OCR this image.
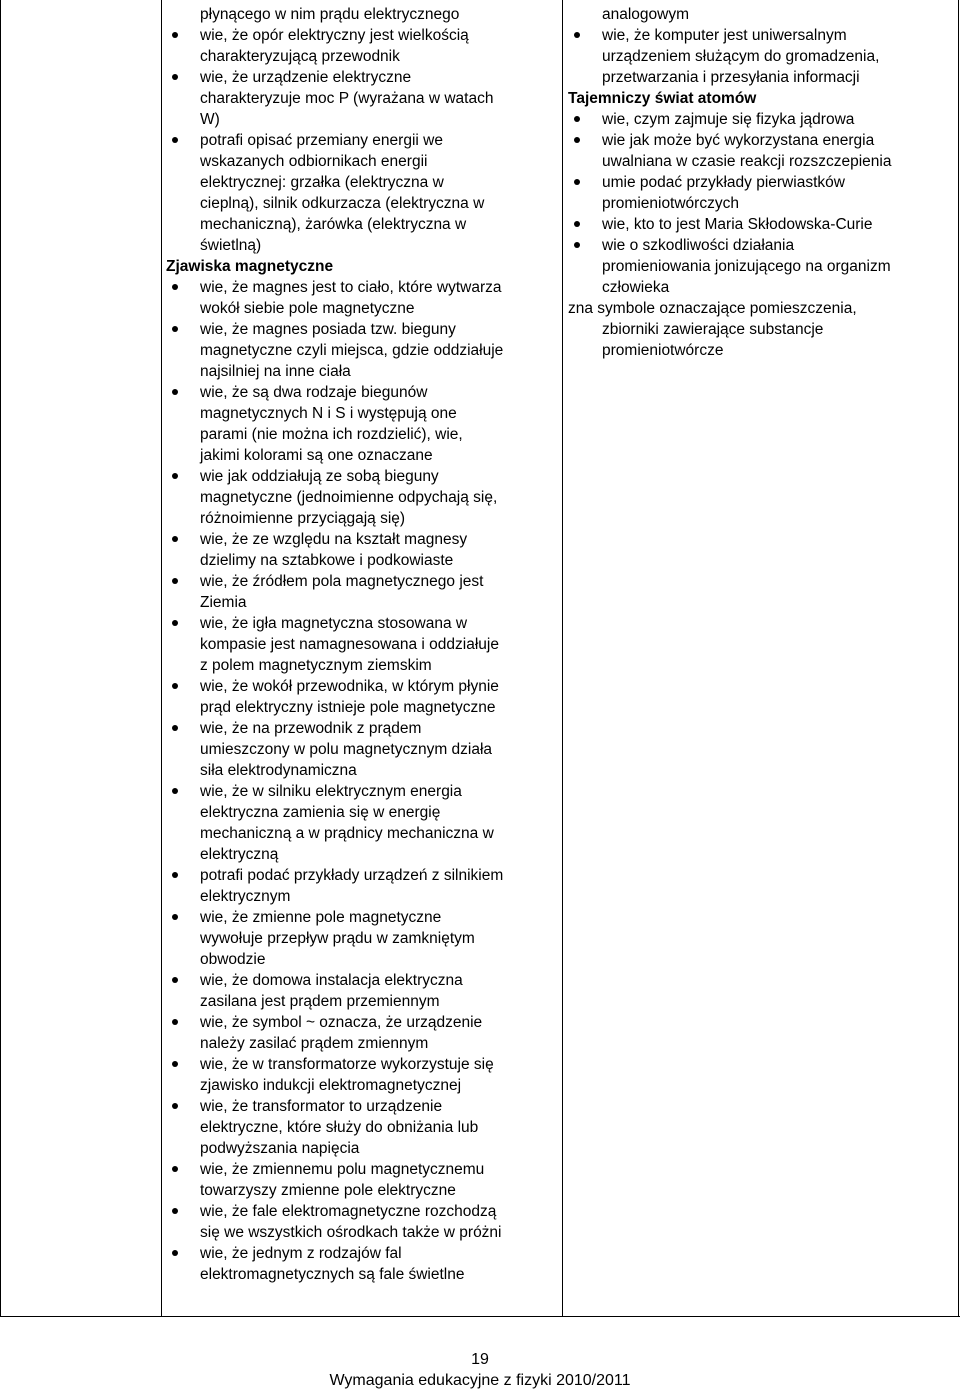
płynącego w nim prądu elektrycznego
wie, że opór elektryczny jest wielkością
charakteryzującą przewodnik
wie, że urządzenie elektryczne
charakteryzuje moc P (wyrażana w watach
W)
potrafi opisać przemiany energii we
wskazanych odbiornikach energii
elektrycznej: grzałka (elektryczna w
cieplną), silnik odkurzacza (elektryczna w
mechaniczną), żarówka (elektryczna w
świetlną)
Zjawiska magnetyczne
wie, że magnes jest to ciało, które wytwarza
wokół siebie pole magnetyczne
wie, że magnes posiada tzw. bieguny
magnetyczne czyli miejsca, gdzie oddziałuje
najsilniej na inne ciała
wie, że są dwa rodzaje biegunów
magnetycznych N i S i występują one
parami (nie można ich rozdzielić), wie,
jakimi kolorami są one oznaczane
wie jak oddziałują ze sobą bieguny
magnetyczne (jednoimienne odpychają się,
różnoimienne przyciągają się)
wie, że ze względu na kształt magnesy
dzielimy na sztabkowe i podkowiaste
wie, że źródłem pola magnetycznego jest
Ziemia
wie, że igła magnetyczna stosowana w
kompasie jest namagnesowana i oddziałuje
z polem magnetycznym ziemskim
wie, że wokół przewodnika, w którym płynie
prąd elektryczny istnieje pole magnetyczne
wie, że na przewodnik z prądem
umieszczony w polu magnetycznym działa
siła elektrodynamiczna
wie, że w silniku elektrycznym energia
elektryczna zamienia się w energię
mechaniczną a w prądnicy mechaniczna w
elektryczną
potrafi podać przykłady urządzeń z silnikiem
elektrycznym
wie, że zmienne pole magnetyczne
wywołuje przepływ prądu w zamkniętym
obwodzie
wie, że domowa instalacja elektryczna
zasilana jest prądem przemiennym
wie, że symbol ~ oznacza, że urządzenie
należy zasilać prądem zmiennym
wie, że w transformatorze wykorzystuje się
zjawisko indukcji elektromagnetycznej
wie, że transformator to urządzenie
elektryczne, które służy do obniżania lub
podwyższania napięcia
wie, że zmiennemu polu magnetycznemu
towarzyszy zmienne pole elektryczne
wie, że fale elektromagnetyczne rozchodzą
się we wszystkich ośrodkach także w próżni
wie, że jednym z rodzajów fal
elektromagnetycznych są fale świetlne
analogowym
wie, że komputer jest uniwersalnym
urządzeniem służącym do gromadzenia,
przetwarzania i przesyłania informacji
Tajemniczy świat atomów
wie, czym zajmuje się fizyka jądrowa
wie jak może być wykorzystana energia
uwalniana w czasie reakcji rozszczepienia
umie podać przykłady pierwiastków
promieniotwórczych
wie, kto to jest Maria Skłodowska-Curie
wie o szkodliwości działania
promieniowania jonizującego na organizm
człowieka
zna symbole oznaczające pomieszczenia,
zbiorniki zawierające substancje
promieniotwórcze
19
Wymagania edukacyjne z fizyki 2010/2011
